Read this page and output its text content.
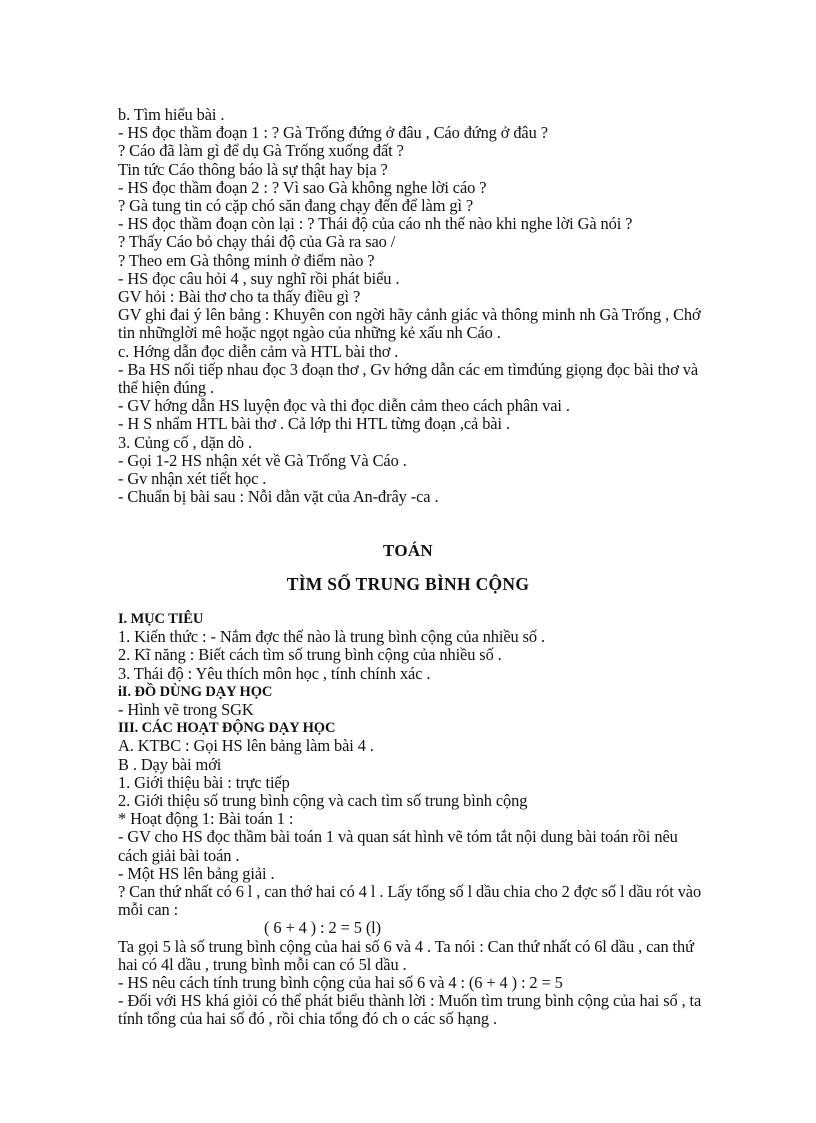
b. Tìm hiểu bài .
- HS đọc thầm đoạn 1 : ? Gà Trống đứng ở đâu , Cáo đứng ở đâu ?
? Cáo đã làm gì để dụ Gà Trống xuống đất ?
Tin tức Cáo thông báo là sự thật hay bịa ?
- HS đọc thầm đoạn 2 : ? Vì sao Gà không nghe lời cáo ?
? Gà tung tin có cặp chó săn đang chạy đến để làm gì ?
- HS đọc thầm đoạn còn lại : ? Thái độ của cáo nh thế nào khi nghe lời Gà nói ?
? Thấy Cáo bỏ chạy thái độ của Gà ra sao /
? Theo em Gà thông minh ở điểm nào ?
- HS đọc câu hỏi 4 , suy nghĩ rồi phát biểu .
GV hỏi : Bài thơ cho ta thấy điều gì ?
GV ghi đai ý lên bảng : Khuyên con ngời hãy cảnh giác và thông minh nh Gà Trống , Chớ tin nhữnglời mê hoặc ngọt ngào của những kẻ xấu nh Cáo .
c. Hớng dẫn đọc diễn cảm và HTL bài thơ .
- Ba HS nối tiếp nhau đọc 3 đoạn thơ , Gv hớng dẫn các em tìmđúng giọng đọc bài thơ và thể hiện đúng .
- GV hớng dẫn HS luyện đọc và thi đọc diễn cảm theo cách phân vai .
- H S nhẩm HTL bài thơ . Cả lớp thi HTL từng đoạn ,cả bài .
3. Củng cố , dặn dò .
- Gọi 1-2 HS nhận xét về Gà Trống Và Cáo .
- Gv nhận xét tiết học .
- Chuẩn bị bài sau : Nỗi dằn vặt của An-đrây -ca .
TOÁN
TÌM SỐ TRUNG BÌNH CỘNG
I. MỤC TIÊU
1. Kiến thức : - Nắm đợc thế nào là trung bình cộng của nhiều số .
2. Kĩ năng : Biết cách tìm số trung bình cộng của nhiều số .
3. Thái độ : Yêu thích môn học , tính chính xác .
iI. ĐỒ DÙNG DẠY HỌC
- Hình vẽ trong SGK
III. CÁC HOẠT ĐỘNG DẠY HỌC
A. KTBC : Gọi HS lên bảng làm bài 4 .
B . Dạy bài mới
1. Giới thiệu bài : trực tiếp
2. Giới thiệu số trung bình cộng và cach tìm số trung bình cộng
* Hoạt động 1: Bài toán 1 :
- GV cho HS đọc thầm bài toán 1 và quan sát hình vẽ tóm tắt nội dung bài toán rồi nêu cách giải bài toán .
- Một HS lên bảng giải .
? Can thứ nhất có 6 l , can thớ hai có 4 l . Lấy tổng số l dầu chia cho 2 đợc số l dầu rót vào mỗi can :
( 6 + 4 ) : 2 = 5 (l)
Ta gọi 5 là số trung bình cộng của hai số 6 và 4 . Ta nói : Can thứ nhất có 6l dầu , can thứ hai có 4l dầu , trung bình mỗi can có 5l dầu .
- HS nêu cách tính trung bình cộng của hai số 6 và 4 : (6 + 4 ) : 2 = 5
- Đối với HS khá giỏi có thể phát biểu thành lời : Muốn tìm trung bình cộng của hai số , ta tính tổng của hai số đó , rồi chia tổng đó ch o các số hạng .
